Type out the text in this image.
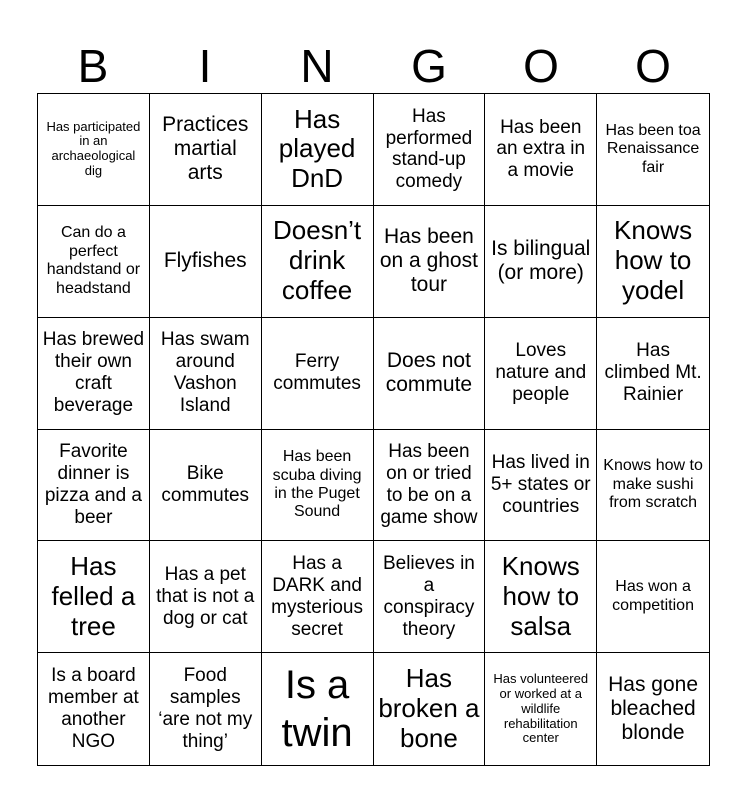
B	I	N	G	O	O
Has participated in an archaeological dig
Practices martial arts
Has played DnD
Has performed stand-up comedy
Has been an extra in a movie
Has been toa Renaissance fair
Can do a perfect handstand or headstand
Flyfishes
Doesn’t drink coffee
Has been on a ghost tour
Is bilingual (or more)
Knows how to yodel
Has brewed their own craft beverage
Has swam around Vashon Island
Ferry commutes
Does not commute
Loves nature and people
Has climbed Mt. Rainier
Favorite dinner is pizza and a beer
Bike commutes
Has been scuba diving in the Puget Sound
Has been on or tried to be on a game show
Has lived in 5+ states or countries
Knows how to make sushi from scratch
Has felled a tree
Has a pet that is not a dog or cat
Has a DARK and mysterious secret
Believes in a conspiracy theory
Knows how to salsa
Has won a competition
Is a board member at another NGO
Food samples ‘are not my thing’
Is a twin
Has broken a bone
Has volunteered or worked at a wildlife rehabilitation center
Has gone bleached blonde
